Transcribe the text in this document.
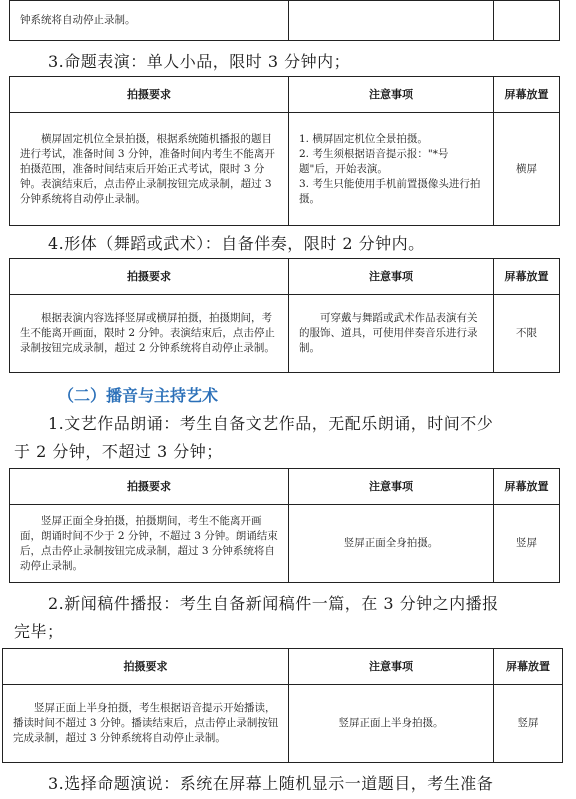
钟系统将自动停止录制。		
3.命题表演：单人小品，限时 3 分钟内；
拍摄要求	注意事项	屏幕放置
横屏固定机位全景拍摄，根据系统随机播报的题目进行考试，准备时间 3 分钟，准备时间内考生不能离开拍摄范围，准备时间结束后开始正式考试，限时 3 分钟。表演结束后，点击停止录制按钮完成录制，超过 3 分钟系统将自动停止录制。	1. 横屏固定机位全景拍摄。
2. 考生须根据语音提示报："*号题"后，开始表演。
3. 考生只能使用手机前置摄像头进行拍摄。	横屏
4.形体（舞蹈或武术）：自备伴奏，限时 2 分钟内。
拍摄要求	注意事项	屏幕放置
根据表演内容选择竖屏或横屏拍摄，拍摄期间，考生不能离开画面，限时 2 分钟。表演结束后，点击停止录制按钮完成录制，超过 2 分钟系统将自动停止录制。	可穿戴与舞蹈或武术作品表演有关的服饰、道具，可使用伴奏音乐进行录制。	不限
（二）播音与主持艺术
1.文艺作品朗诵：考生自备文艺作品，无配乐朗诵，时间不少
于 2 分钟，不超过 3 分钟；
拍摄要求	注意事项	屏幕放置
竖屏正面全身拍摄，拍摄期间，考生不能离开画面，朗诵时间不少于 2 分钟，不超过 3 分钟。朗诵结束后，点击停止录制按钮完成录制，超过 3 分钟系统将自动停止录制。	竖屏正面全身拍摄。	竖屏
2.新闻稿件播报：考生自备新闻稿件一篇，在 3 分钟之内播报
完毕；
拍摄要求	注意事项	屏幕放置
竖屏正面上半身拍摄，考生根据语音提示开始播读，播读时间不超过 3 分钟。播读结束后，点击停止录制按钮完成录制，超过 3 分钟系统将自动停止录制。	竖屏正面上半身拍摄。	竖屏
3.选择命题演说：系统在屏幕上随机显示一道题目，考生准备
